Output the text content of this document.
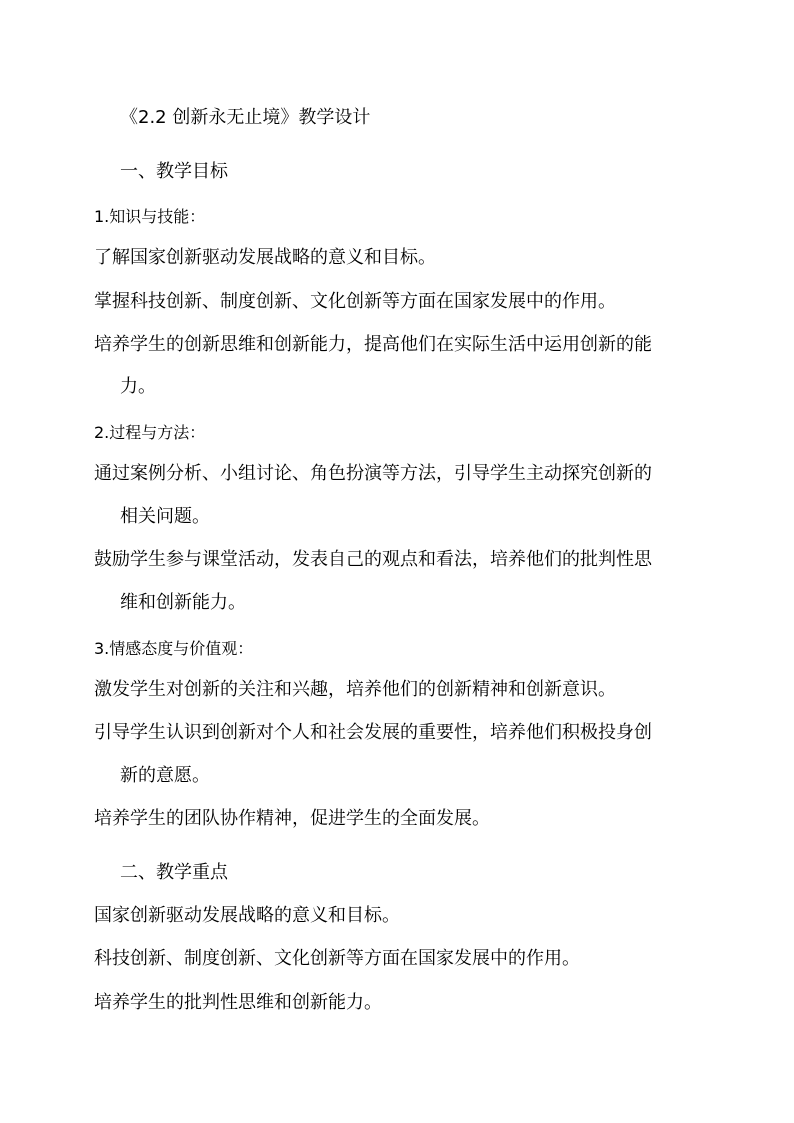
《2.2 创新永无止境》教学设计
一、教学目标
1.知识与技能：
了解国家创新驱动发展战略的意义和目标。
掌握科技创新、制度创新、文化创新等方面在国家发展中的作用。
培养学生的创新思维和创新能力，提高他们在实际生活中运用创新的能
力。
2.过程与方法：
通过案例分析、小组讨论、角色扮演等方法，引导学生主动探究创新的
相关问题。
鼓励学生参与课堂活动，发表自己的观点和看法，培养他们的批判性思
维和创新能力。
3.情感态度与价值观：
激发学生对创新的关注和兴趣，培养他们的创新精神和创新意识。
引导学生认识到创新对个人和社会发展的重要性，培养他们积极投身创
新的意愿。
培养学生的团队协作精神，促进学生的全面发展。
二、教学重点
国家创新驱动发展战略的意义和目标。
科技创新、制度创新、文化创新等方面在国家发展中的作用。
培养学生的批判性思维和创新能力。
